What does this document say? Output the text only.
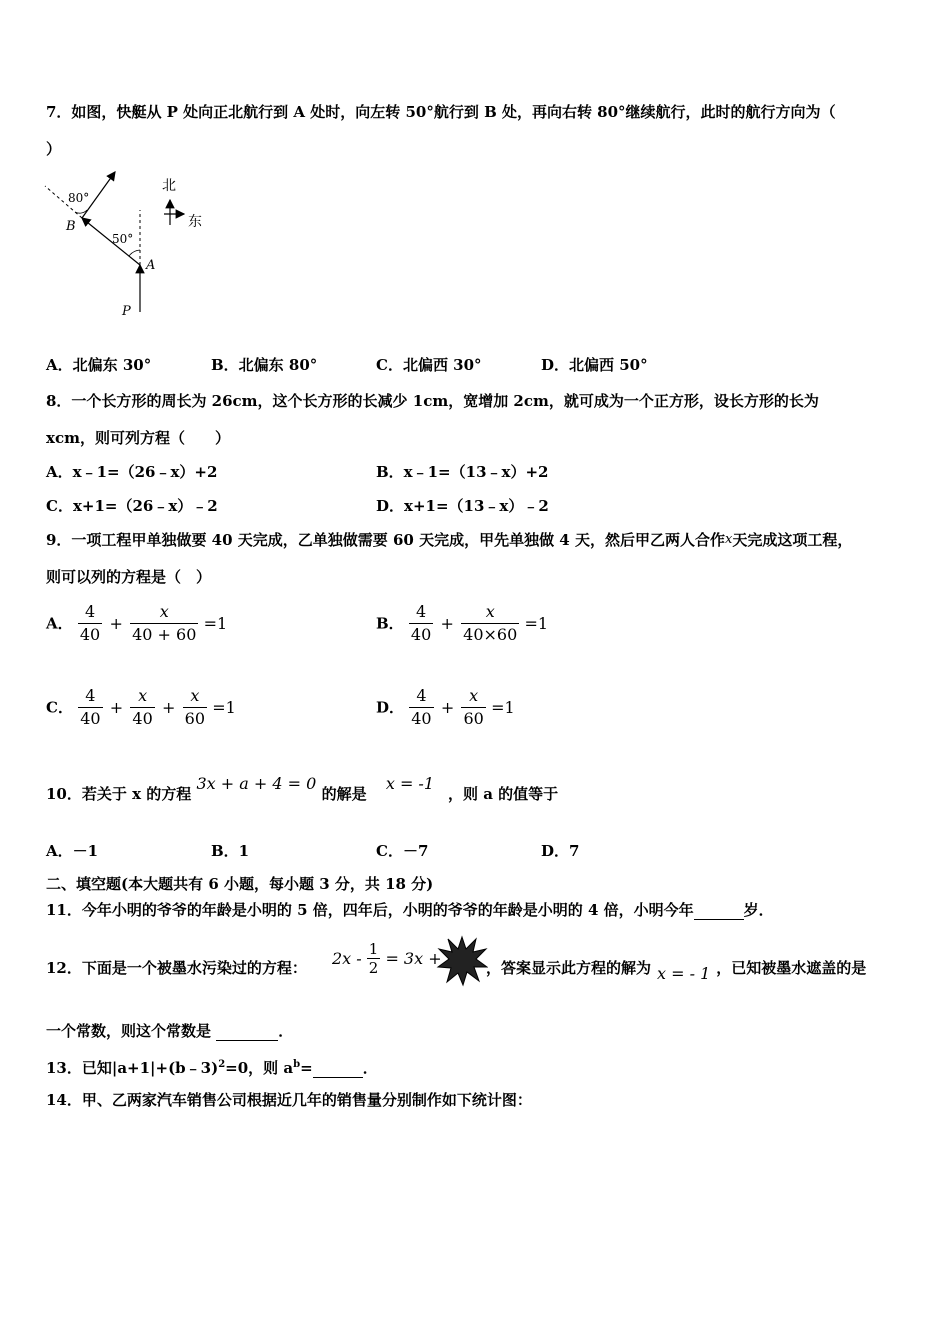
7．如图，快艇从 P 处向正北航行到 A 处时，向左转 50°航行到 B 处，再向右转 80°继续航行，此时的航行方向为（
）
80°
50°
B
A
P
北
东
A．北偏东 30°	B．北偏东 80°	C．北偏西 30°	D．北偏西 50°
8．一个长方形的周长为 26cm，这个长方形的长减少 1cm，宽增加 2cm，就可成为一个正方形，设长方形的长为
xcm，则可列方程（　　）
A．x﹣1=（26﹣x）+2	B．x﹣1=（13﹣x）+2
C．x+1=（26﹣x）﹣2	D．x+1=（13﹣x）﹣2
9．一项工程甲单独做要 40 天完成，乙单独做需要 60 天完成，甲先单独做 4 天，然后甲乙两人合作x天完成这项工程，
则可以列的方程是（　）
A． $\frac{4}{40} + \frac{x}{40 + 60} =1$	B． $\frac{4}{40} + \frac{x}{40\times 60} =1$
C． $\frac{4}{40} + \frac{x}{40} + \frac{x}{60} =1$	D． $\frac{4}{40} + \frac{x}{60} =1$
10．若关于 x 的方程 3x + a + 4 = 0 的解是 x = -1，则 a 的值等于
A．－1	B．1	C．－7	D．7
二、填空题(本大题共有 6 小题，每小题 3 分，共 18 分)
11．今年小明的爷爷的年龄是小明的 5 倍，四年后，小明的爷爷的年龄是小明的 4 倍，小明今年	岁．
12．下面是一个被墨水污染过的方程： $2x - \frac{1}{2} = 3x$ +	，答案显示此方程的解为 x = - 1 ，已知被墨水遮盖的是
一个常数，则这个常数是	．
13．已知|a+1|+(b﹣3)$^2$=0，则 $a^b=$	．
14．甲、乙两家汽车销售公司根据近几年的销售量分别制作如下统计图：
